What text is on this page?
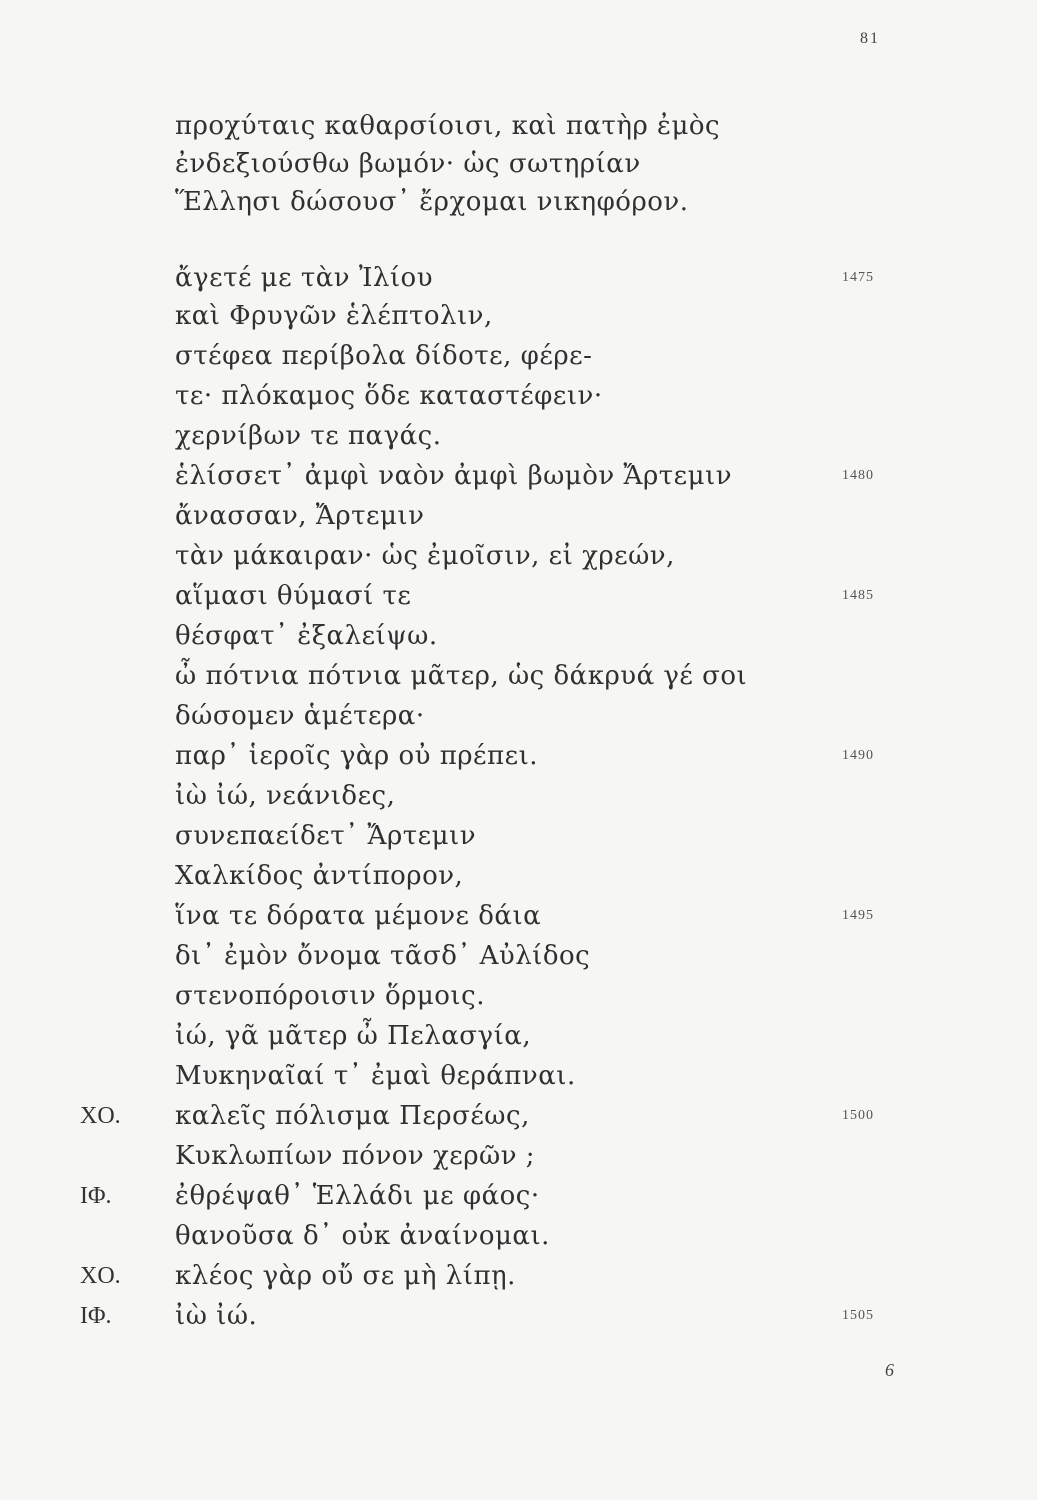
81
προχύταις καθαρσίοισι, καὶ πατὴρ ἐμὸς
ἐνδεξιούσθω βωμόν· ὡς σωτηρίαν
Ἕλλησι δώσουσ᾽ ἔρχομαι νικηφόρον.
ἄγετέ με τὰν Ἰλίου	1475
καὶ Φρυγῶν ἑλέπτολιν,
στέφεα περίβολα δίδοτε, φέρε-
τε· πλόκαμος ὅδε καταστέφειν·
χερνίβων τε παγάς.
ἑλίσσετ᾽ ἀμφὶ ναὸν ἀμφὶ βωμὸν Ἄρτεμιν	1480
ἄνασσαν, Ἄρτεμιν
τὰν μάκαιραν· ὡς ἐμοῖσιν, εἰ χρεών,
αἵμασι θύμασί τε	1485
θέσφατ᾽ ἐξαλείψω.
ὦ πότνια πότνια μᾶτερ, ὡς δάκρυά γέ σοι
δώσομεν ἁμέτερα·
παρ᾽ ἱεροῖς γὰρ οὐ πρέπει.	1490
ἰὼ ἰώ, νεάνιδες,
συνεπαείδετ᾽ Ἄρτεμιν
Χαλκίδος ἀντίπορον,
ἵνα τε δόρατα μέμονε δάια	1495
δι᾽ ἐμὸν ὄνομα τᾶσδ᾽ Αὐλίδος
στενοπόροισιν ὅρμοις.
ἰώ, γᾶ μᾶτερ ὦ Πελασγία,
Μυκηναῖαί τ᾽ ἐμαὶ θεράπναι.
ΧΟ. καλεῖς πόλισμα Περσέως,	1500
Κυκλωπίων πόνον χερῶν ;
ΙΦ. ἐθρέψαθ᾽ Ἑλλάδι με φάος·
θανοῦσα δ᾽ οὐκ ἀναίνομαι.
ΧΟ. κλέος γὰρ οὔ σε μὴ λίπῃ.
ΙΦ. ἰὼ ἰώ.	1505
6
